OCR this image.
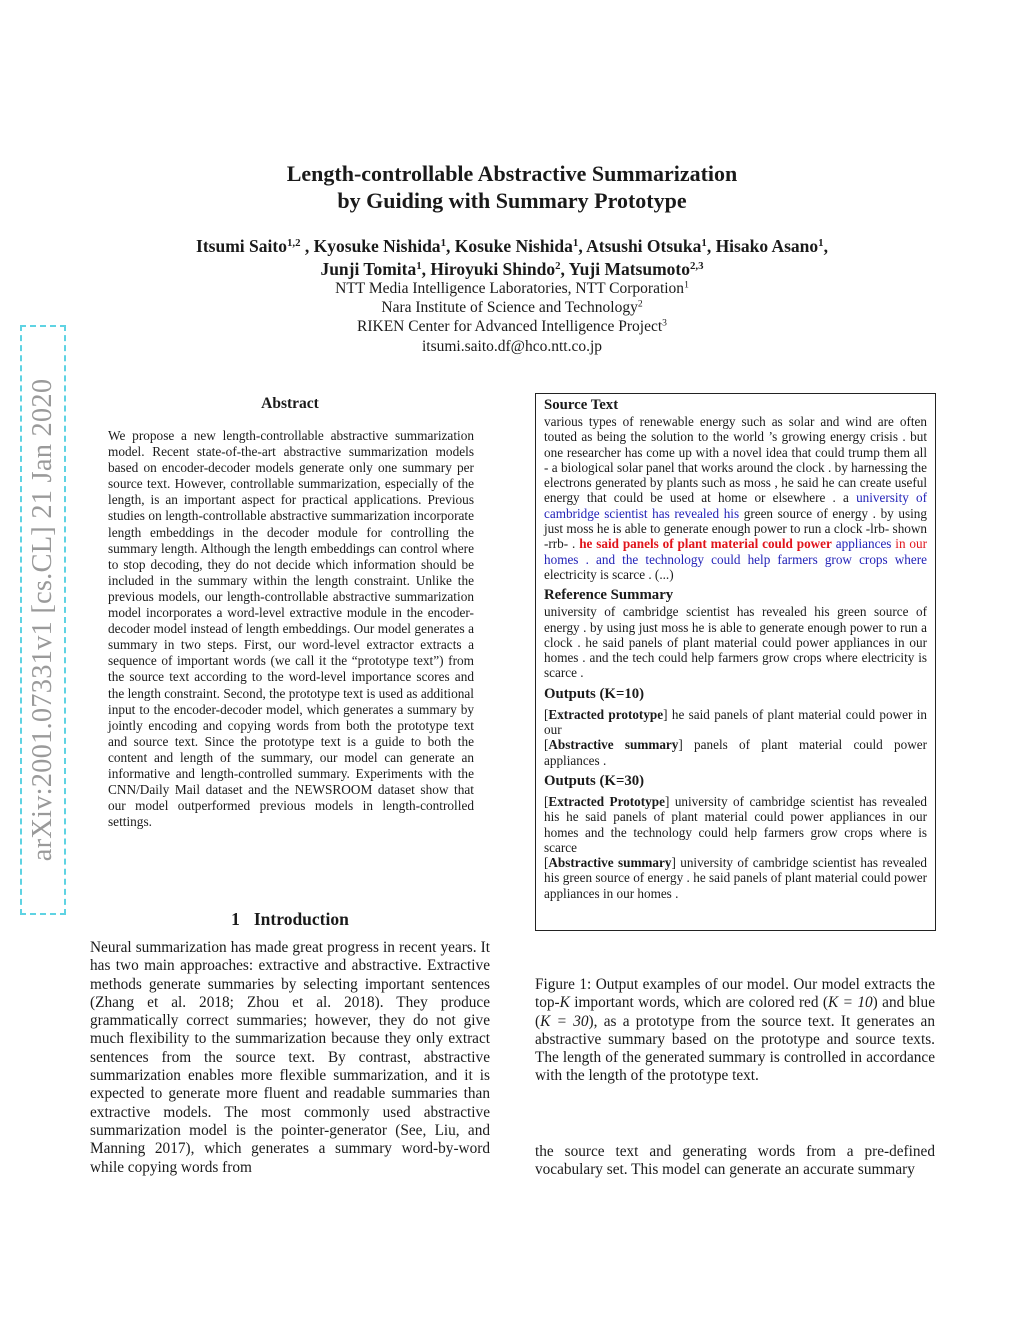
arXiv:2001.07331v1 [cs.CL] 21 Jan 2020
Length-controllable Abstractive Summarization
by Guiding with Summary Prototype
Itsumi Saito$^{1,2}$ , Kyosuke Nishida$^1$, Kosuke Nishida$^1$, Atsushi Otsuka$^1$, Hisako Asano$^1$,
Junji Tomita$^1$, Hiroyuki Shindo$^2$, Yuji Matsumoto$^{2,3}$
NTT Media Intelligence Laboratories, NTT Corporation$^1$
Nara Institute of Science and Technology$^2$
RIKEN Center for Advanced Intelligence Project$^3$
itsumi.saito.df@hco.ntt.co.jp
Abstract
We propose a new length-controllable abstractive summarization model. Recent state-of-the-art abstractive summarization models based on encoder-decoder models generate only one summary per source text. However, controllable summarization, especially of the length, is an important aspect for practical applications. Previous studies on length-controllable abstractive summarization incorporate length embeddings in the decoder module for controlling the summary length. Although the length embeddings can control where to stop decoding, they do not decide which information should be included in the summary within the length constraint. Unlike the previous models, our length-controllable abstractive summarization model incorporates a word-level extractive module in the encoder-decoder model instead of length embeddings. Our model generates a summary in two steps. First, our word-level extractor extracts a sequence of important words (we call it the “prototype text”) from the source text according to the word-level importance scores and the length constraint. Second, the prototype text is used as additional input to the encoder-decoder model, which generates a summary by jointly encoding and copying words from both the prototype text and source text. Since the prototype text is a guide to both the content and length of the summary, our model can generate an informative and length-controlled summary. Experiments with the CNN/Daily Mail dataset and the NEWSROOM dataset show that our model outperformed previous models in length-controlled settings.
1 Introduction
Neural summarization has made great progress in recent years. It has two main approaches: extractive and abstractive. Extractive methods generate summaries by selecting important sentences (Zhang et al. 2018; Zhou et al. 2018). They produce grammatically correct summaries; however, they do not give much flexibility to the summarization because they only extract sentences from the source text. By contrast, abstractive summarization enables more flexible summarization, and it is expected to generate more fluent and readable summaries than extractive models. The most commonly used abstractive summarization model is the pointer-generator (See, Liu, and Manning 2017), which generates a summary word-by-word while copying words from
Source Text

various types of renewable energy such as solar and wind are often touted as being the solution to the world ’s growing energy crisis . but one researcher has come up with a novel idea that could trump them all - a biological solar panel that works around the clock . by harnessing the electrons generated by plants such as moss , he said he can create useful energy that could be used at home or elsewhere . a university of cambridge scientist has revealed his green source of energy . by using just moss he is able to generate enough power to run a clock -lrb- shown -rrb- . he said panels of plant material could power appliances in our homes . and the technology could help farmers grow crops where electricity is scarce . (...)

Reference Summary

university of cambridge scientist has revealed his green source of energy . by using just moss he is able to generate enough power to run a clock . he said panels of plant material could power appliances in our homes . and the tech could help farmers grow crops where electricity is scarce .

Outputs (K=10)

[Extracted prototype] he said panels of plant material could power in our

[Abstractive summary] panels of plant material could power appliances .

Outputs (K=30)

[Extracted Prototype] university of cambridge scientist has revealed his he said panels of plant material could power appliances in our homes and the technology could help farmers grow crops where is scarce

[Abstractive summary] university of cambridge scientist has revealed his green source of energy . he said panels of plant material could power appliances in our homes .

Figure 1: Output examples of our model. Our model extracts the top-K important words, which are colored red (K = 10) and blue (K = 30), as a prototype from the source text. It generates an abstractive summary based on the prototype and source texts. The length of the generated summary is controlled in accordance with the length of the prototype text.
the source text and generating words from a pre-defined vocabulary set. This model can generate an accurate summary
